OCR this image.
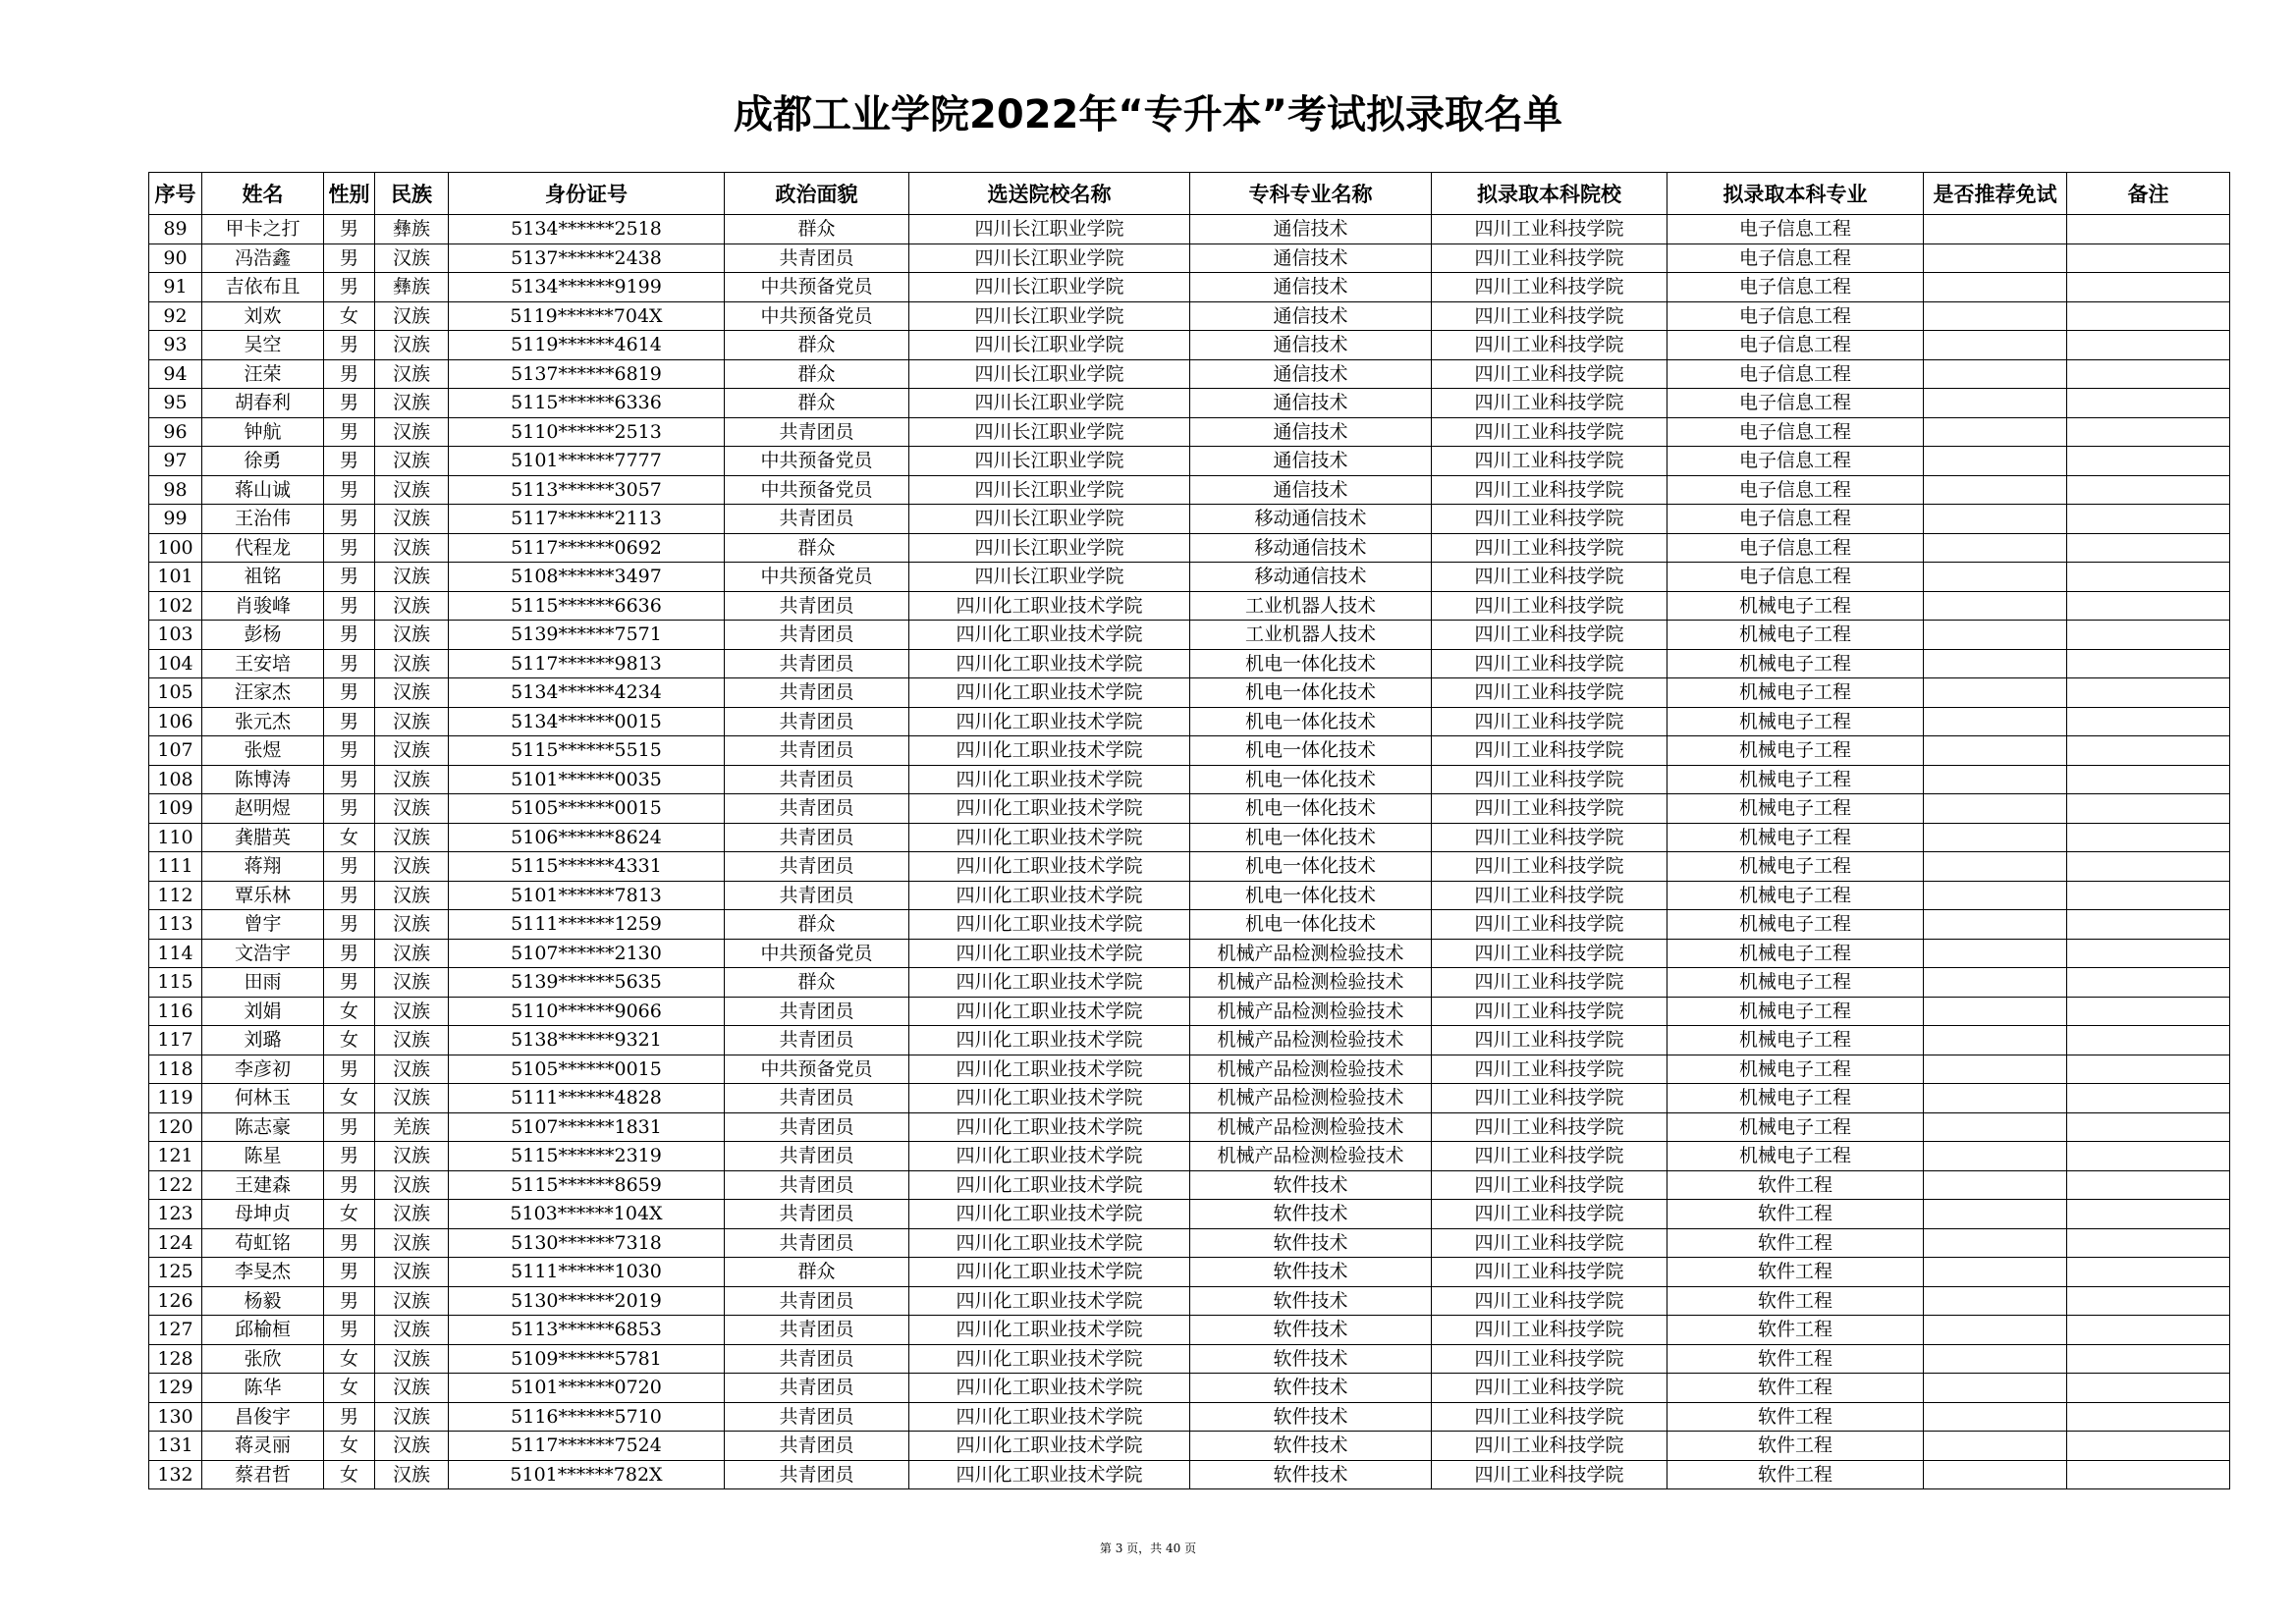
成都工业学院2022年“专升本”考试拟录取名单
序号	姓名	性别	民族	身份证号	政治面貌	选送院校名称	专科专业名称	拟录取本科院校	拟录取本科专业	是否推荐免试	备注
89	甲卡之打	男	彝族	5134******2518	群众	四川长江职业学院	通信技术	四川工业科技学院	电子信息工程		
90	冯浩鑫	男	汉族	5137******2438	共青团员	四川长江职业学院	通信技术	四川工业科技学院	电子信息工程		
91	吉依布且	男	彝族	5134******9199	中共预备党员	四川长江职业学院	通信技术	四川工业科技学院	电子信息工程		
92	刘欢	女	汉族	5119******704X	中共预备党员	四川长江职业学院	通信技术	四川工业科技学院	电子信息工程		
93	吴空	男	汉族	5119******4614	群众	四川长江职业学院	通信技术	四川工业科技学院	电子信息工程		
94	汪荣	男	汉族	5137******6819	群众	四川长江职业学院	通信技术	四川工业科技学院	电子信息工程		
95	胡春利	男	汉族	5115******6336	群众	四川长江职业学院	通信技术	四川工业科技学院	电子信息工程		
96	钟航	男	汉族	5110******2513	共青团员	四川长江职业学院	通信技术	四川工业科技学院	电子信息工程		
97	徐勇	男	汉族	5101******7777	中共预备党员	四川长江职业学院	通信技术	四川工业科技学院	电子信息工程		
98	蒋山诚	男	汉族	5113******3057	中共预备党员	四川长江职业学院	通信技术	四川工业科技学院	电子信息工程		
99	王治伟	男	汉族	5117******2113	共青团员	四川长江职业学院	移动通信技术	四川工业科技学院	电子信息工程		
100	代程龙	男	汉族	5117******0692	群众	四川长江职业学院	移动通信技术	四川工业科技学院	电子信息工程		
101	祖铭	男	汉族	5108******3497	中共预备党员	四川长江职业学院	移动通信技术	四川工业科技学院	电子信息工程		
102	肖骏峰	男	汉族	5115******6636	共青团员	四川化工职业技术学院	工业机器人技术	四川工业科技学院	机械电子工程		
103	彭杨	男	汉族	5139******7571	共青团员	四川化工职业技术学院	工业机器人技术	四川工业科技学院	机械电子工程		
104	王安培	男	汉族	5117******9813	共青团员	四川化工职业技术学院	机电一体化技术	四川工业科技学院	机械电子工程		
105	汪家杰	男	汉族	5134******4234	共青团员	四川化工职业技术学院	机电一体化技术	四川工业科技学院	机械电子工程		
106	张元杰	男	汉族	5134******0015	共青团员	四川化工职业技术学院	机电一体化技术	四川工业科技学院	机械电子工程		
107	张煜	男	汉族	5115******5515	共青团员	四川化工职业技术学院	机电一体化技术	四川工业科技学院	机械电子工程		
108	陈博涛	男	汉族	5101******0035	共青团员	四川化工职业技术学院	机电一体化技术	四川工业科技学院	机械电子工程		
109	赵明煜	男	汉族	5105******0015	共青团员	四川化工职业技术学院	机电一体化技术	四川工业科技学院	机械电子工程		
110	龚腊英	女	汉族	5106******8624	共青团员	四川化工职业技术学院	机电一体化技术	四川工业科技学院	机械电子工程		
111	蒋翔	男	汉族	5115******4331	共青团员	四川化工职业技术学院	机电一体化技术	四川工业科技学院	机械电子工程		
112	覃乐林	男	汉族	5101******7813	共青团员	四川化工职业技术学院	机电一体化技术	四川工业科技学院	机械电子工程		
113	曾宇	男	汉族	5111******1259	群众	四川化工职业技术学院	机电一体化技术	四川工业科技学院	机械电子工程		
114	文浩宇	男	汉族	5107******2130	中共预备党员	四川化工职业技术学院	机械产品检测检验技术	四川工业科技学院	机械电子工程		
115	田雨	男	汉族	5139******5635	群众	四川化工职业技术学院	机械产品检测检验技术	四川工业科技学院	机械电子工程		
116	刘娟	女	汉族	5110******9066	共青团员	四川化工职业技术学院	机械产品检测检验技术	四川工业科技学院	机械电子工程		
117	刘璐	女	汉族	5138******9321	共青团员	四川化工职业技术学院	机械产品检测检验技术	四川工业科技学院	机械电子工程		
118	李彦初	男	汉族	5105******0015	中共预备党员	四川化工职业技术学院	机械产品检测检验技术	四川工业科技学院	机械电子工程		
119	何林玉	女	汉族	5111******4828	共青团员	四川化工职业技术学院	机械产品检测检验技术	四川工业科技学院	机械电子工程		
120	陈志豪	男	羌族	5107******1831	共青团员	四川化工职业技术学院	机械产品检测检验技术	四川工业科技学院	机械电子工程		
121	陈星	男	汉族	5115******2319	共青团员	四川化工职业技术学院	机械产品检测检验技术	四川工业科技学院	机械电子工程		
122	王建森	男	汉族	5115******8659	共青团员	四川化工职业技术学院	软件技术	四川工业科技学院	软件工程		
123	母坤贞	女	汉族	5103******104X	共青团员	四川化工职业技术学院	软件技术	四川工业科技学院	软件工程		
124	苟虹铭	男	汉族	5130******7318	共青团员	四川化工职业技术学院	软件技术	四川工业科技学院	软件工程		
125	李旻杰	男	汉族	5111******1030	群众	四川化工职业技术学院	软件技术	四川工业科技学院	软件工程		
126	杨毅	男	汉族	5130******2019	共青团员	四川化工职业技术学院	软件技术	四川工业科技学院	软件工程		
127	邱榆桓	男	汉族	5113******6853	共青团员	四川化工职业技术学院	软件技术	四川工业科技学院	软件工程		
128	张欣	女	汉族	5109******5781	共青团员	四川化工职业技术学院	软件技术	四川工业科技学院	软件工程		
129	陈华	女	汉族	5101******0720	共青团员	四川化工职业技术学院	软件技术	四川工业科技学院	软件工程		
130	昌俊宇	男	汉族	5116******5710	共青团员	四川化工职业技术学院	软件技术	四川工业科技学院	软件工程		
131	蒋灵丽	女	汉族	5117******7524	共青团员	四川化工职业技术学院	软件技术	四川工业科技学院	软件工程		
132	蔡君哲	女	汉族	5101******782X	共青团员	四川化工职业技术学院	软件技术	四川工业科技学院	软件工程		
第 3 页，共 40 页
